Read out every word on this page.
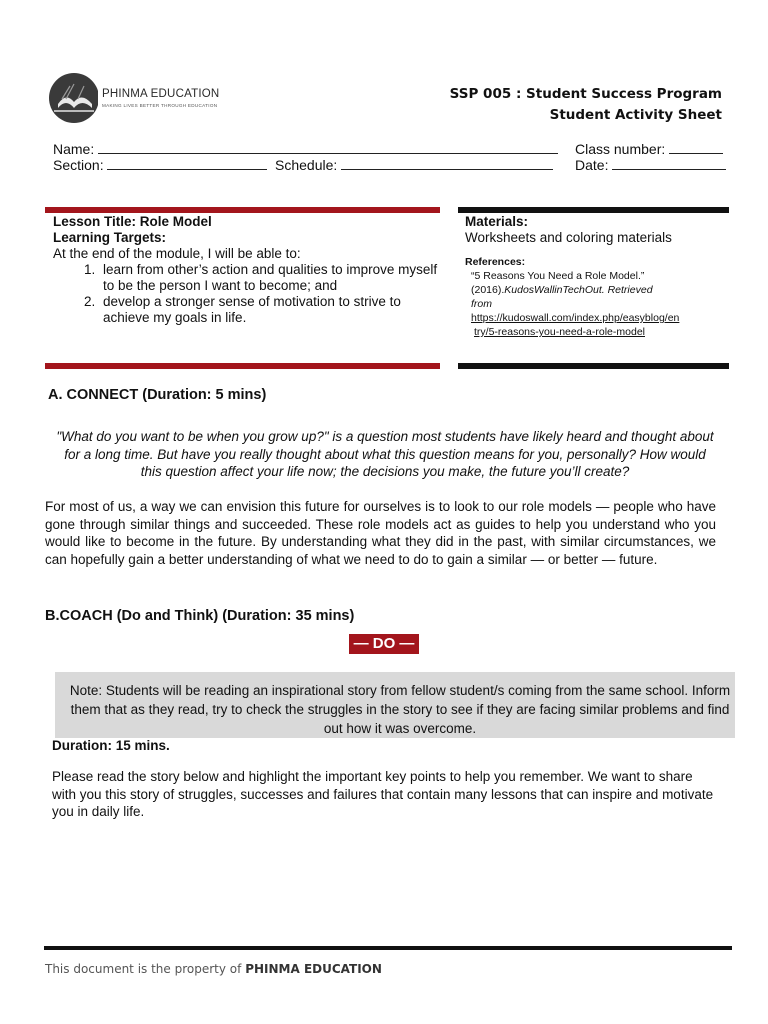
PHINMA EDUCATION
MAKING LIVES BETTER THROUGH EDUCATION
SSP 005 : Student Success Program
Student Activity Sheet
Name:	Class number:
Section:	Schedule:	Date:
Lesson Title: Role Model
Learning Targets:
At the end of the module, I will be able to:
1. learn from other’s action and qualities to improve myself to be the person I want to become; and
2. develop a stronger sense of motivation to strive to achieve my goals in life.
Materials:
Worksheets and coloring materials
References:
“5 Reasons You Need a Role Model.”
(2016).KudosWallinTechOut. Retrieved
from
https://kudoswall.com/index.php/easyblog/en
try/5-reasons-you-need-a-role-model
A. CONNECT (Duration: 5 mins)
"What do you want to be when you grow up?" is a question most students have likely heard and thought about for a long time. But have you really thought about what this question means for you, personally? How would this question affect your life now; the decisions you make, the future you’ll create?
For most of us, a way we can envision this future for ourselves is to look to our role models — people who have gone through similar things and succeeded. These role models act as guides to help you understand who you would like to become in the future. By understanding what they did in the past, with similar circumstances, we can hopefully gain a better understanding of what we need to do to gain a similar — or better — future.
B.COACH (Do and Think) (Duration: 35 mins)
— DO —
Note: Students will be reading an inspirational story from fellow student/s coming from the same school. Inform them that as they read, try to check the struggles in the story to see if they are facing similar problems and find out how it was overcome.
Duration: 15 mins.
Please read the story below and highlight the important key points to help you remember. We want to share with you this story of struggles, successes and failures that contain many lessons that can inspire and motivate you in daily life.
This document is the property of PHINMA EDUCATION
